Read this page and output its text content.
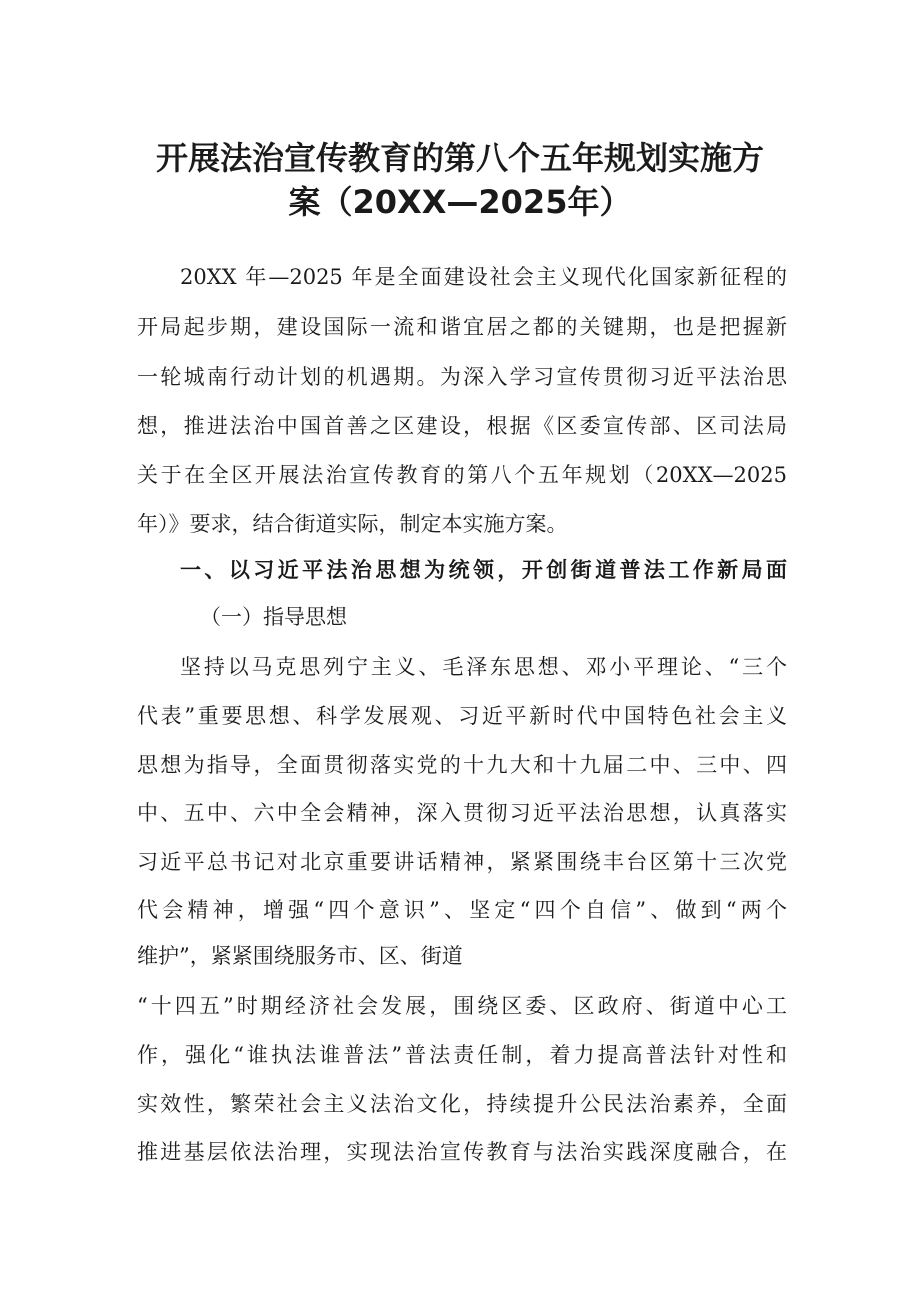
开展法治宣传教育的第八个五年规划实施方
案（20XX—2025年）
20XX 年—2025 年是全面建设社会主义现代化国家新征程的
开局起步期，建设国际一流和谐宜居之都的关键期，也是把握新
一轮城南行动计划的机遇期。为深入学习宣传贯彻习近平法治思
想，推进法治中国首善之区建设，根据《区委宣传部、区司法局
关于在全区开展法治宣传教育的第八个五年规划（20XX—2025
年）》要求，结合街道实际，制定本实施方案。
一、以习近平法治思想为统领，开创街道普法工作新局面
（一）指导思想
坚持以马克思列宁主义、毛泽东思想、邓小平理论、“三个
代表”重要思想、科学发展观、习近平新时代中国特色社会主义
思想为指导，全面贯彻落实党的十九大和十九届二中、三中、四
中、五中、六中全会精神，深入贯彻习近平法治思想，认真落实
习近平总书记对北京重要讲话精神，紧紧围绕丰台区第十三次党
代会精神，增强“四个意识”、坚定“四个自信”、做到“两个
维护”，紧紧围绕服务市、区、街道
“十四五”时期经济社会发展，围绕区委、区政府、街道中心工
作，强化“谁执法谁普法”普法责任制，着力提高普法针对性和
实效性，繁荣社会主义法治文化，持续提升公民法治素养，全面
推进基层依法治理，实现法治宣传教育与法治实践深度融合，在
